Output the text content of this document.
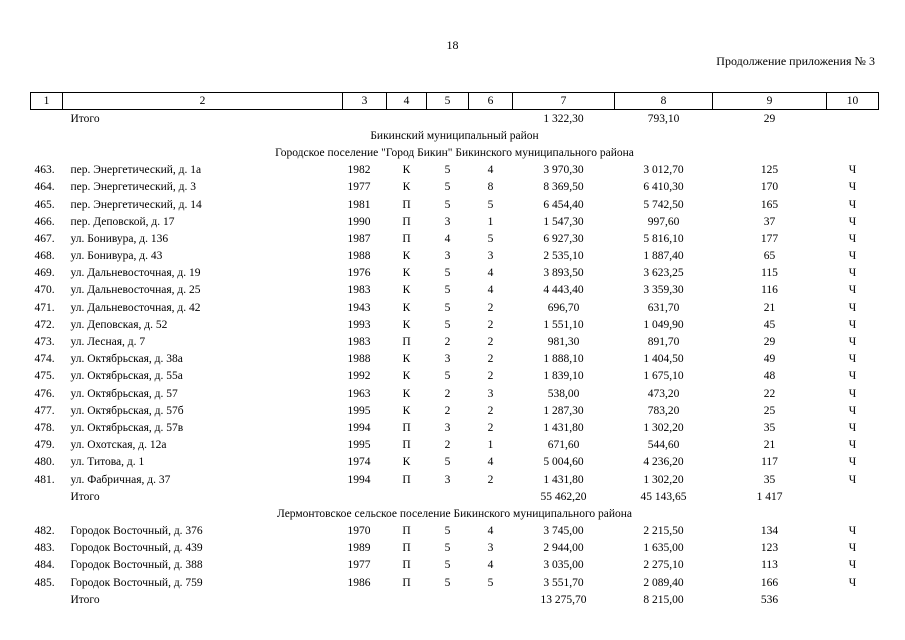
18
Продолжение приложения № 3
1	2	3	4	5	6	7	8	9	10
	Итого					1 322,30	793,10	29	
Бикинский муниципальный район									
Городское поселение "Город Бикин" Бикинского муниципального района									
463.	пер. Энергетический, д. 1а	1982	К	5	4	3 970,30	3 012,70	125	Ч
464.	пер. Энергетический, д. 3	1977	К	5	8	8 369,50	6 410,30	170	Ч
465.	пер. Энергетический, д. 14	1981	П	5	5	6 454,40	5 742,50	165	Ч
466.	пер. Деповской, д. 17	1990	П	3	1	1 547,30	997,60	37	Ч
467.	ул. Бонивура, д. 136	1987	П	4	5	6 927,30	5 816,10	177	Ч
468.	ул. Бонивура, д. 43	1988	К	3	3	2 535,10	1 887,40	65	Ч
469.	ул. Дальневосточная, д. 19	1976	К	5	4	3 893,50	3 623,25	115	Ч
470.	ул. Дальневосточная, д. 25	1983	К	5	4	4 443,40	3 359,30	116	Ч
471.	ул. Дальневосточная, д. 42	1943	К	5	2	696,70	631,70	21	Ч
472.	ул. Деповская, д. 52	1993	К	5	2	1 551,10	1 049,90	45	Ч
473.	ул. Лесная, д. 7	1983	П	2	2	981,30	891,70	29	Ч
474.	ул. Октябрьская, д. 38а	1988	К	3	2	1 888,10	1 404,50	49	Ч
475.	ул. Октябрьская, д. 55а	1992	К	5	2	1 839,10	1 675,10	48	Ч
476.	ул. Октябрьская, д. 57	1963	К	2	3	538,00	473,20	22	Ч
477.	ул. Октябрьская, д. 57б	1995	К	2	2	1 287,30	783,20	25	Ч
478.	ул. Октябрьская, д. 57в	1994	П	3	2	1 431,80	1 302,20	35	Ч
479.	ул. Охотская, д. 12а	1995	П	2	1	671,60	544,60	21	Ч
480.	ул. Титова, д. 1	1974	К	5	4	5 004,60	4 236,20	117	Ч
481.	ул. Фабричная, д. 37	1994	П	3	2	1 431,80	1 302,20	35	Ч
	Итого					55 462,20	45 143,65	1 417	
Лермонтовское сельское поселение Бикинского муниципального района									
482.	Городок Восточный, д. 376	1970	П	5	4	3 745,00	2 215,50	134	Ч
483.	Городок Восточный, д. 439	1989	П	5	3	2 944,00	1 635,00	123	Ч
484.	Городок Восточный, д. 388	1977	П	5	4	3 035,00	2 275,10	113	Ч
485.	Городок Восточный, д. 759	1986	П	5	5	3 551,70	2 089,40	166	Ч
	Итого					13 275,70	8 215,00	536	
